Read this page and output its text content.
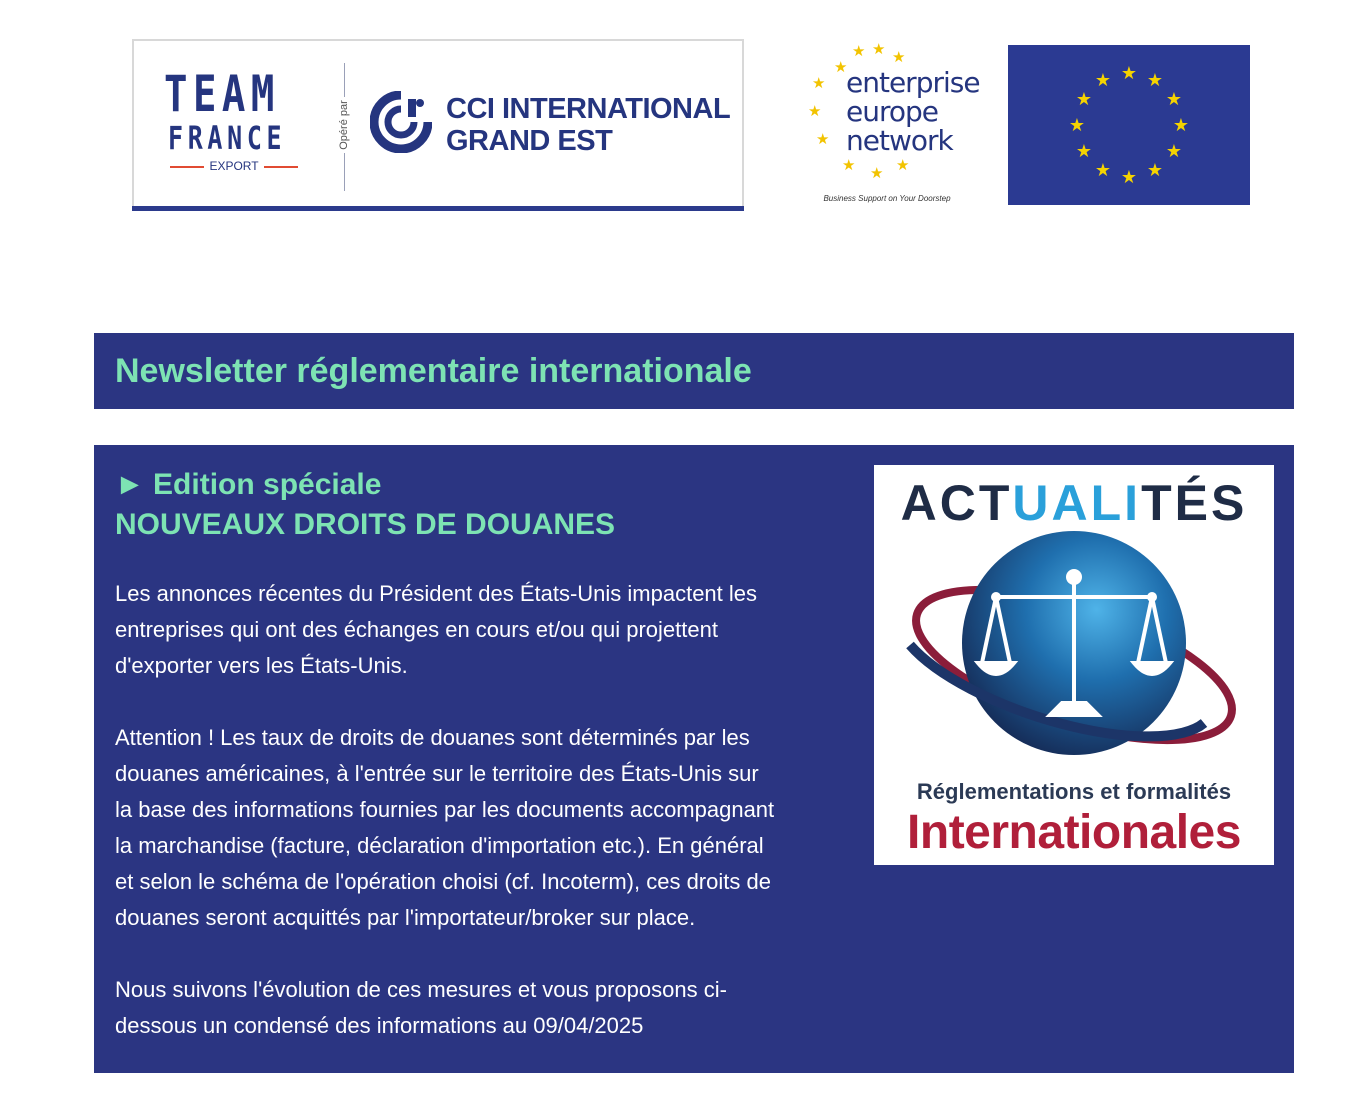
TEAM
FRANCE
EXPORT
Opéré par	CCI INTERNATIONAL
GRAND EST
★ ★ ★
★
★
★
★
★ ★ ★
enterprise
europe
network
Business Support on Your Doorstep
★ ★
★
★
★
★
★
★
★
★
★
★
Newsletter réglementaire internationale
► Edition spéciale
NOUVEAUX DROITS DE DOUANES

Les annonces récentes du Président des États-Unis impactent les
entreprises qui ont des échanges en cours et/ou qui projettent
d'exporter vers les États-Unis.

Attention ! Les taux de droits de douanes sont déterminés par les
douanes américaines, à l'entrée sur le territoire des États-Unis sur
la base des informations fournies par les documents accompagnant
la marchandise (facture, déclaration d'importation etc.). En général
et selon le schéma de l'opération choisi (cf. Incoterm), ces droits de
douanes seront acquittés par l'importateur/broker sur place.

Nous suivons l'évolution de ces mesures et vous proposons ci-
dessous un condensé des informations au 09/04/2025

ACTUALITÉS
Réglementations et formalités
Internationales
